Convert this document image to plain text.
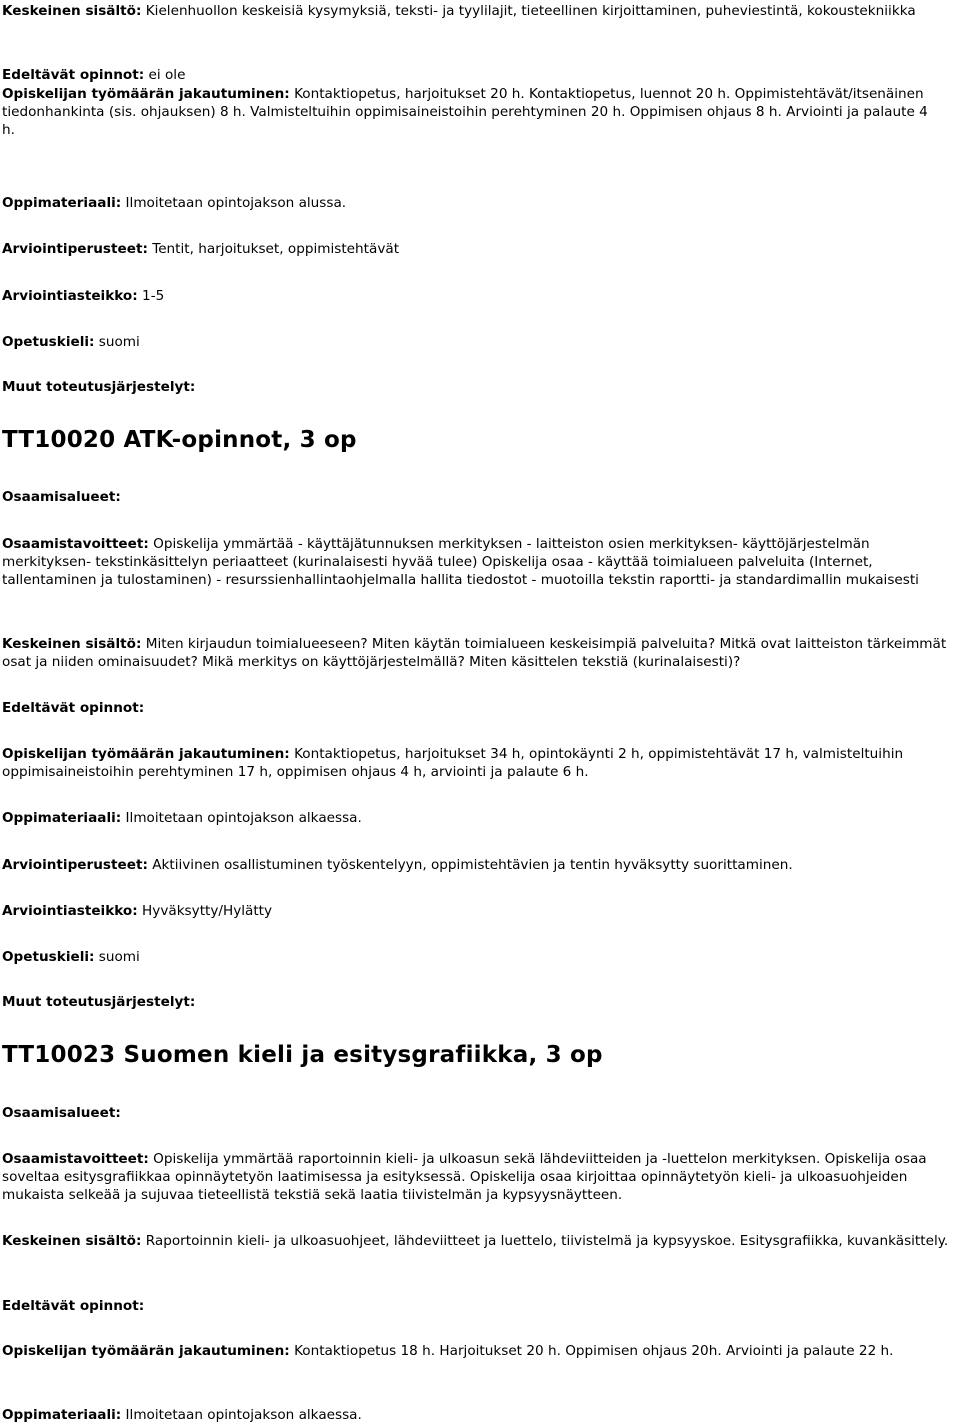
Keskeinen sisältö: Kielenhuollon keskeisiä kysymyksiä, teksti- ja tyylilajit, tieteellinen kirjoittaminen, puheviestintä, kokoustekniikka

Edeltävät opinnot: ei ole

Opiskelijan työmäärän jakautuminen: Kontaktiopetus, harjoitukset 20 h. Kontaktiopetus, luennot 20 h. Oppimistehtävät/itsenäinen tiedonhankinta (sis. ohjauksen) 8 h. Valmisteltuihin oppimisaineistoihin perehtyminen 20 h. Oppimisen ohjaus 8 h. Arviointi ja palaute 4 h.

Oppimateriaali: Ilmoitetaan opintojakson alussa.

Arviointiperusteet: Tentit, harjoitukset, oppimistehtävät

Arviointiasteikko: 1-5

Opetuskieli: suomi

Muut toteutusjärjestelyt:

TT10020 ATK-opinnot, 3 op

Osaamisalueet:

Osaamistavoitteet: Opiskelija ymmärtää - käyttäjätunnuksen merkityksen - laitteiston osien merkityksen- käyttöjärjestelmän merkityksen- tekstinkäsittelyn periaatteet (kurinalaisesti hyvää tulee) Opiskelija osaa - käyttää toimialueen palveluita (Internet, tallentaminen ja tulostaminen) - resurssienhallintaohjelmalla hallita tiedostot - muotoilla tekstin raportti- ja standardimallin mukaisesti

Keskeinen sisältö: Miten kirjaudun toimialueeseen? Miten käytän toimialueen keskeisimpiä palveluita? Mitkä ovat laitteiston tärkeimmät osat ja niiden ominaisuudet? Mikä merkitys on käyttöjärjestelmällä? Miten käsittelen tekstiä (kurinalaisesti)?

Edeltävät opinnot:

Opiskelijan työmäärän jakautuminen: Kontaktiopetus, harjoitukset 34 h, opintokäynti 2 h, oppimistehtävät 17 h, valmisteltuihin oppimisaineistoihin perehtyminen 17 h, oppimisen ohjaus 4 h, arviointi ja palaute 6 h.

Oppimateriaali: Ilmoitetaan opintojakson alkaessa.

Arviointiperusteet: Aktiivinen osallistuminen työskentelyyn, oppimistehtävien ja tentin hyväksytty suorittaminen.

Arviointiasteikko: Hyväksytty/Hylätty

Opetuskieli: suomi

Muut toteutusjärjestelyt:

TT10023 Suomen kieli ja esitysgrafiikka, 3 op

Osaamisalueet:

Osaamistavoitteet: Opiskelija ymmärtää raportoinnin kieli- ja ulkoasun sekä lähdeviitteiden ja -luettelon merkityksen. Opiskelija osaa soveltaa esitysgrafiikkaa opinnäytetyön laatimisessa ja esityksessä. Opiskelija osaa kirjoittaa opinnäytetyön kieli- ja ulkoasuohjeiden mukaista selkeää ja sujuvaa tieteellistä tekstiä sekä laatia tiivistelmän ja kypsyysnäytteen.

Keskeinen sisältö: Raportoinnin kieli- ja ulkoasuohjeet, lähdeviitteet ja luettelo, tiivistelmä ja kypsyyskoe. Esitysgrafiikka, kuvankäsittely.

Edeltävät opinnot:

Opiskelijan työmäärän jakautuminen: Kontaktiopetus 18 h. Harjoitukset 20 h. Oppimisen ohjaus 20h. Arviointi ja palaute 22 h.

Oppimateriaali: Ilmoitetaan opintojakson alkaessa.
